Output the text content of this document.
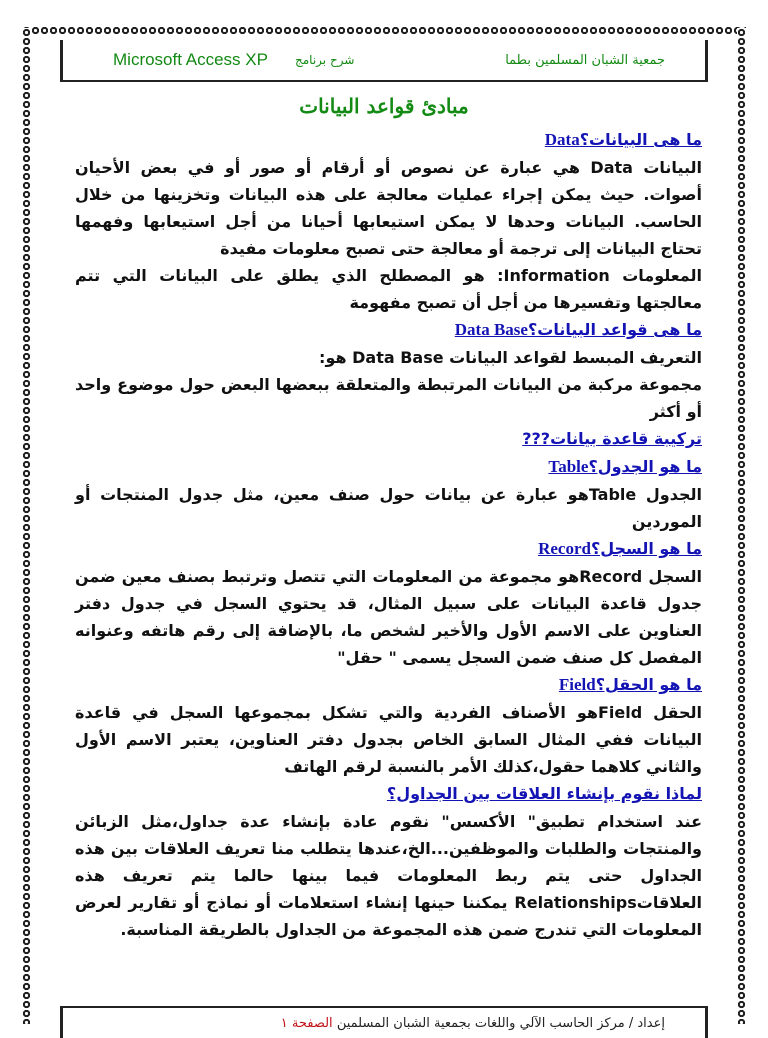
Microsoft Access XP شرح برنامج	جمعية الشبان المسلمين بطما
مبادئ قواعد البيانات
ما هى البيانات؟Data

البيانات Data هي عبارة عن نصوص أو أرقام أو صور أو في بعض الأحيان أصوات. حيث يمكن إجراء عمليات معالجة على هذه البيانات وتخزينها من خلال الحاسب. البيانات وحدها لا يمكن استيعابها أحيانا من أجل استيعابها وفهمها تحتاج البيانات إلى ترجمة أو معالجة حتى تصبح معلومات مفيدة

المعلومات Information: هو المصطلح الذي يطلق على البيانات التي تتم معالجتها وتفسيرها من أجل أن تصبح مفهومة

ما هى قواعد البيانات؟Data Base

التعريف المبسط لقواعد البيانات Data Base هو:

مجموعة مركبة من البيانات المرتبطة والمتعلقة ببعضها البعض حول موضوع واحد أو أكثر

تركيبة قاعدة بيانات???
ما هو الجدول؟Table

الجدول Tableهو عبارة عن بيانات حول صنف معين، مثل جدول المنتجات أو الموردين

ما هو السجل؟Record

السجل Recordهو مجموعة من المعلومات التي تتصل وترتبط بصنف معين ضمن جدول قاعدة البيانات على سبيل المثال، قد يحتوي السجل في جدول دفتر العناوين على الاسم الأول والأخير لشخص ما، بالإضافة إلى رقم هاتفه وعنوانه المفصل كل صنف ضمن السجل يسمى " حقل"

ما هو الحقل؟Field

الحقل Fieldهو الأصناف الفردية والتي تشكل بمجموعها السجل في قاعدة البيانات ففي المثال السابق الخاص بجدول دفتر العناوين، يعتبر الاسم الأول والثاني كلاهما حقول،كذلك الأمر بالنسبة لرقم الهاتف

لماذا نقوم بإنشاء العلاقات بين الجداول؟

عند استخدام تطبيق" الأكسس" نقوم عادة بإنشاء عدة جداول،مثل الزبائن والمنتجات والطلبات والموظفين...الخ،عندها يتطلب منا تعريف العلاقات بين هذه الجداول حتى يتم ربط المعلومات فيما بينها حالما يتم تعريف هذه العلاقاتRelationships يمكننا حينها إنشاء استعلامات أو نماذج أو تقارير لعرض المعلومات التي تندرج ضمن هذه المجموعة من الجداول بالطريقة المناسبة.

إعداد / مركز الحاسب الآلي واللغات بجمعية الشبان المسلمين الصفحة ١
